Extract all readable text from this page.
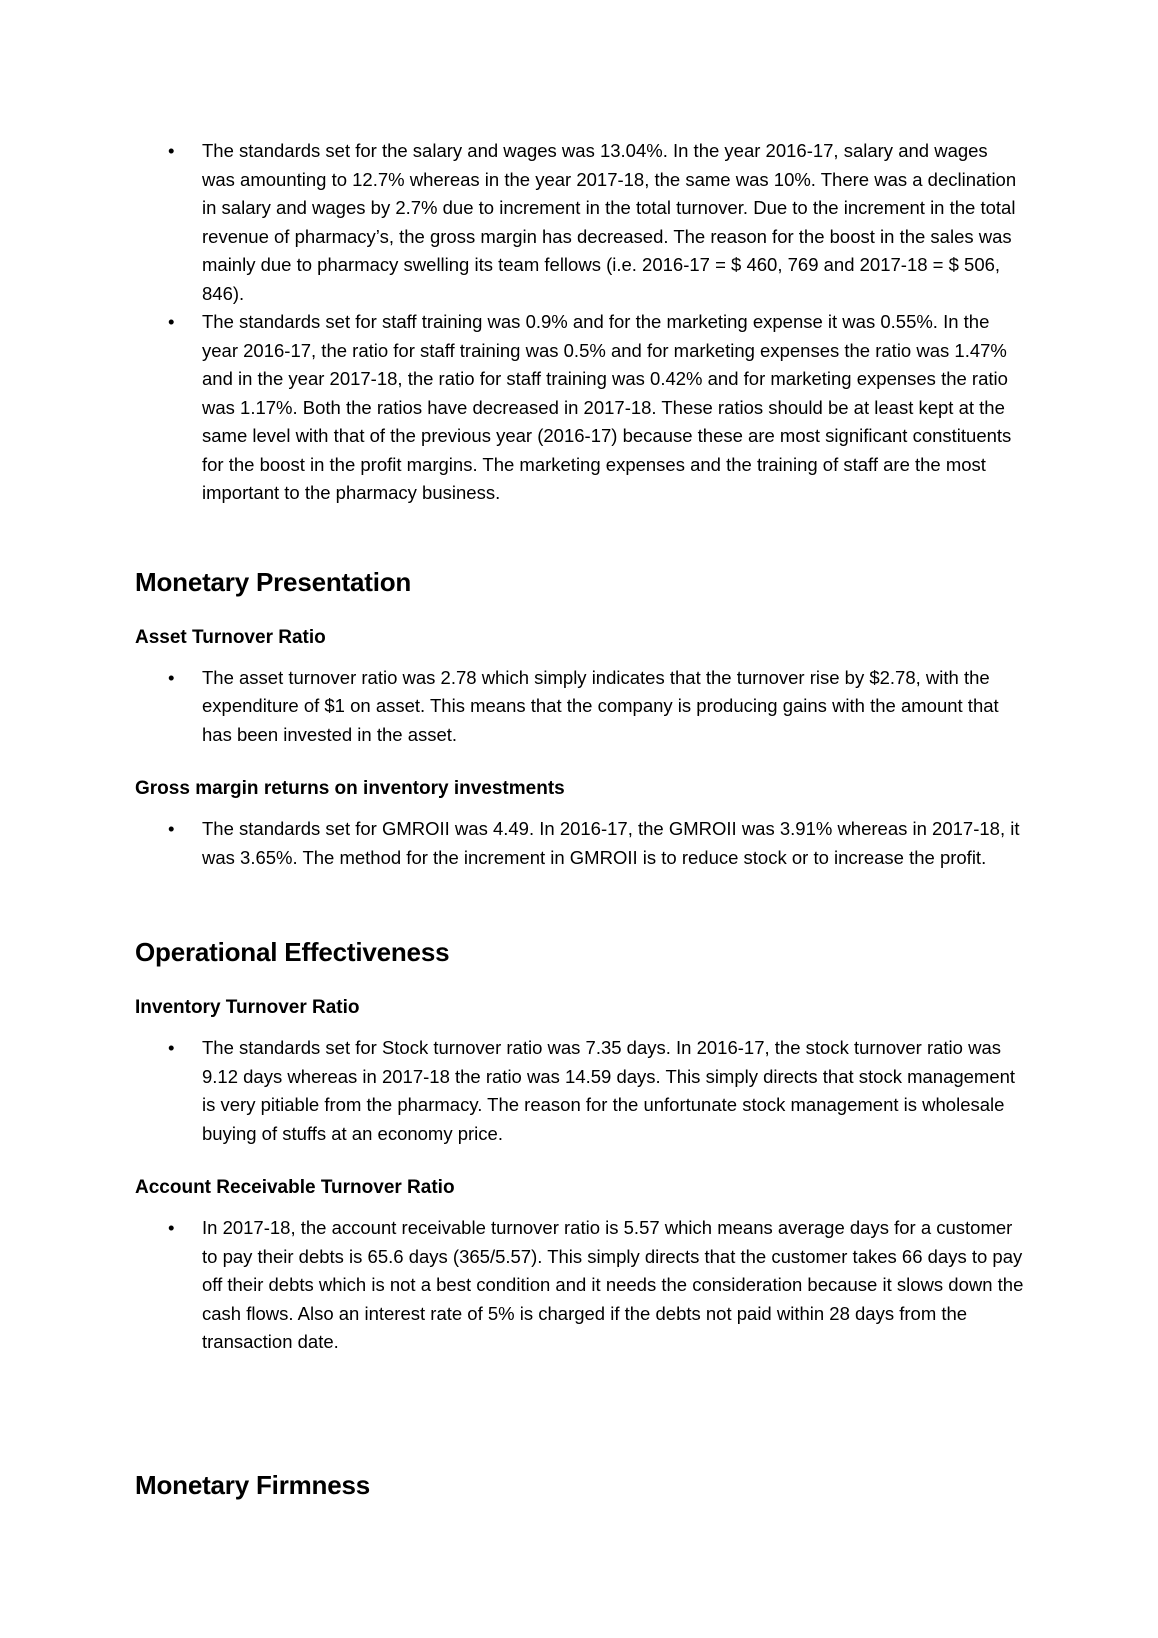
• The standards set for the salary and wages was 13.04%. In the year 2016-17, salary and wages was amounting to 12.7% whereas in the year 2017-18, the same was 10%. There was a declination in salary and wages by 2.7% due to increment in the total turnover. Due to the increment in the total revenue of pharmacy’s, the gross margin has decreased. The reason for the boost in the sales was mainly due to pharmacy swelling its team fellows (i.e. 2016-17 = $ 460, 769 and 2017-18 = $ 506, 846).
• The standards set for staff training was 0.9% and for the marketing expense it was 0.55%. In the year 2016-17, the ratio for staff training was 0.5% and for marketing expenses the ratio was 1.47% and in the year 2017-18, the ratio for staff training was 0.42% and for marketing expenses the ratio was 1.17%. Both the ratios have decreased in 2017-18. These ratios should be at least kept at the same level with that of the previous year (2016-17) because these are most significant constituents for the boost in the profit margins. The marketing expenses and the training of staff are the most important to the pharmacy business.
Monetary Presentation
Asset Turnover Ratio
• The asset turnover ratio was 2.78 which simply indicates that the turnover rise by $2.78, with the expenditure of $1 on asset. This means that the company is producing gains with the amount that has been invested in the asset.
Gross margin returns on inventory investments
• The standards set for GMROII was 4.49. In 2016-17, the GMROII was 3.91% whereas in 2017-18, it was 3.65%. The method for the increment in GMROII is to reduce stock or to increase the profit.
Operational Effectiveness
Inventory Turnover Ratio
• The standards set for Stock turnover ratio was 7.35 days. In 2016-17, the stock turnover ratio was 9.12 days whereas in 2017-18 the ratio was 14.59 days. This simply directs that stock management is very pitiable from the pharmacy. The reason for the unfortunate stock management is wholesale buying of stuffs at an economy price.
Account Receivable Turnover Ratio
• In 2017-18, the account receivable turnover ratio is 5.57 which means average days for a customer to pay their debts is 65.6 days (365/5.57). This simply directs that the customer takes 66 days to pay off their debts which is not a best condition and it needs the consideration because it slows down the cash flows. Also an interest rate of 5% is charged if the debts not paid within 28 days from the transaction date.
Monetary Firmness
